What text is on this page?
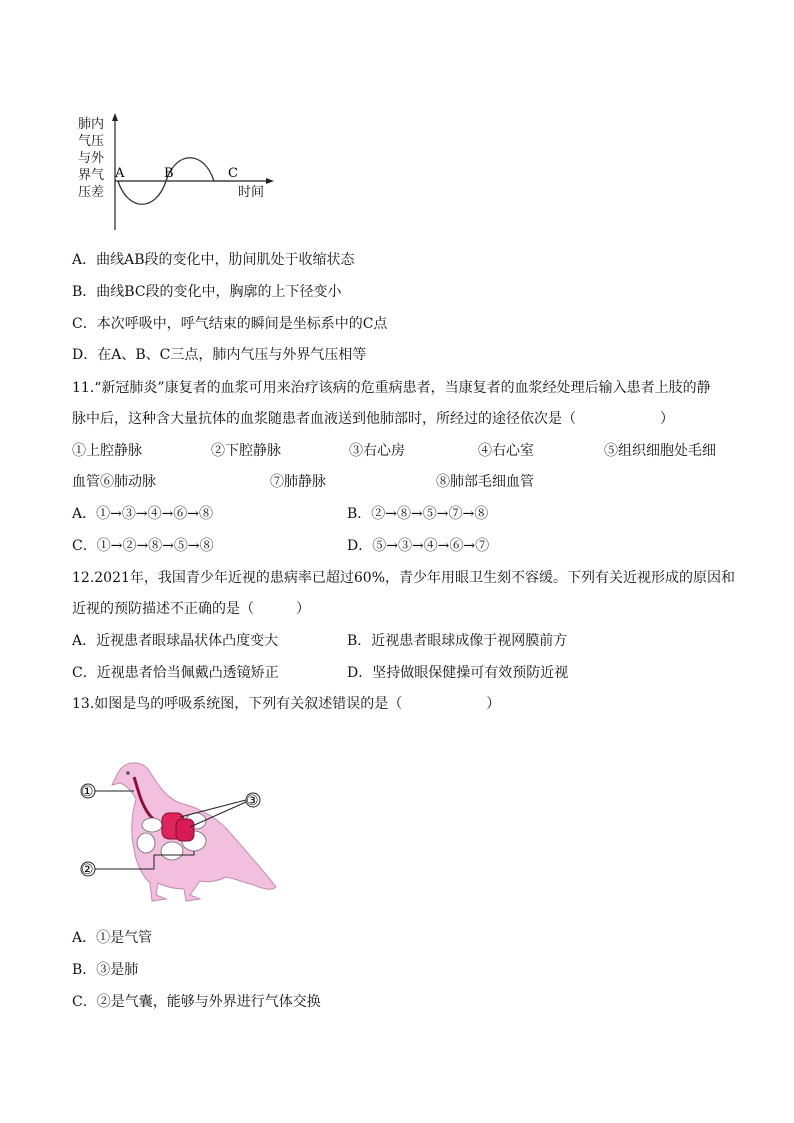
肺内
气压
与外
界气
压差
A	B	C
时间
A．曲线AB段的变化中，肋间肌处于收缩状态
B．曲线BC段的变化中，胸廓的上下径变小
C．本次呼吸中，呼气结束的瞬间是坐标系中的C点
D．在A、B、C三点，肺内气压与外界气压相等
11.“新冠肺炎”康复者的血浆可用来治疗该病的危重病患者，当康复者的血浆经处理后输入患者上肢的静
脉中后，这种含大量抗体的血浆随患者血液送到他肺部时，所经过的途径依次是（　　　　　　）
①上腔静脉	②下腔静脉	③右心房	④右心室	⑤组织细胞处毛细
血管⑥肺动脉	⑦肺静脉	⑧肺部毛细血管
A．①→③→④→⑥→⑧	B．②→⑧→⑤→⑦→⑧
C．①→②→⑧→⑤→⑧	D．⑤→③→④→⑥→⑦
12.2021年，我国青少年近视的患病率已超过60%，青少年用眼卫生刻不容缓。下列有关近视形成的原因和
近视的预防描述不正确的是（　　　）
A．近视患者眼球晶状体凸度变大	B．近视患者眼球成像于视网膜前方
C．近视患者恰当佩戴凸透镜矫正	D．坚持做眼保健操可有效预防近视
13.如图是鸟的呼吸系统图，下列有关叙述错误的是（　　　　　　）
①
②
③
A．①是气管
B．③是肺
C．②是气囊，能够与外界进行气体交换
